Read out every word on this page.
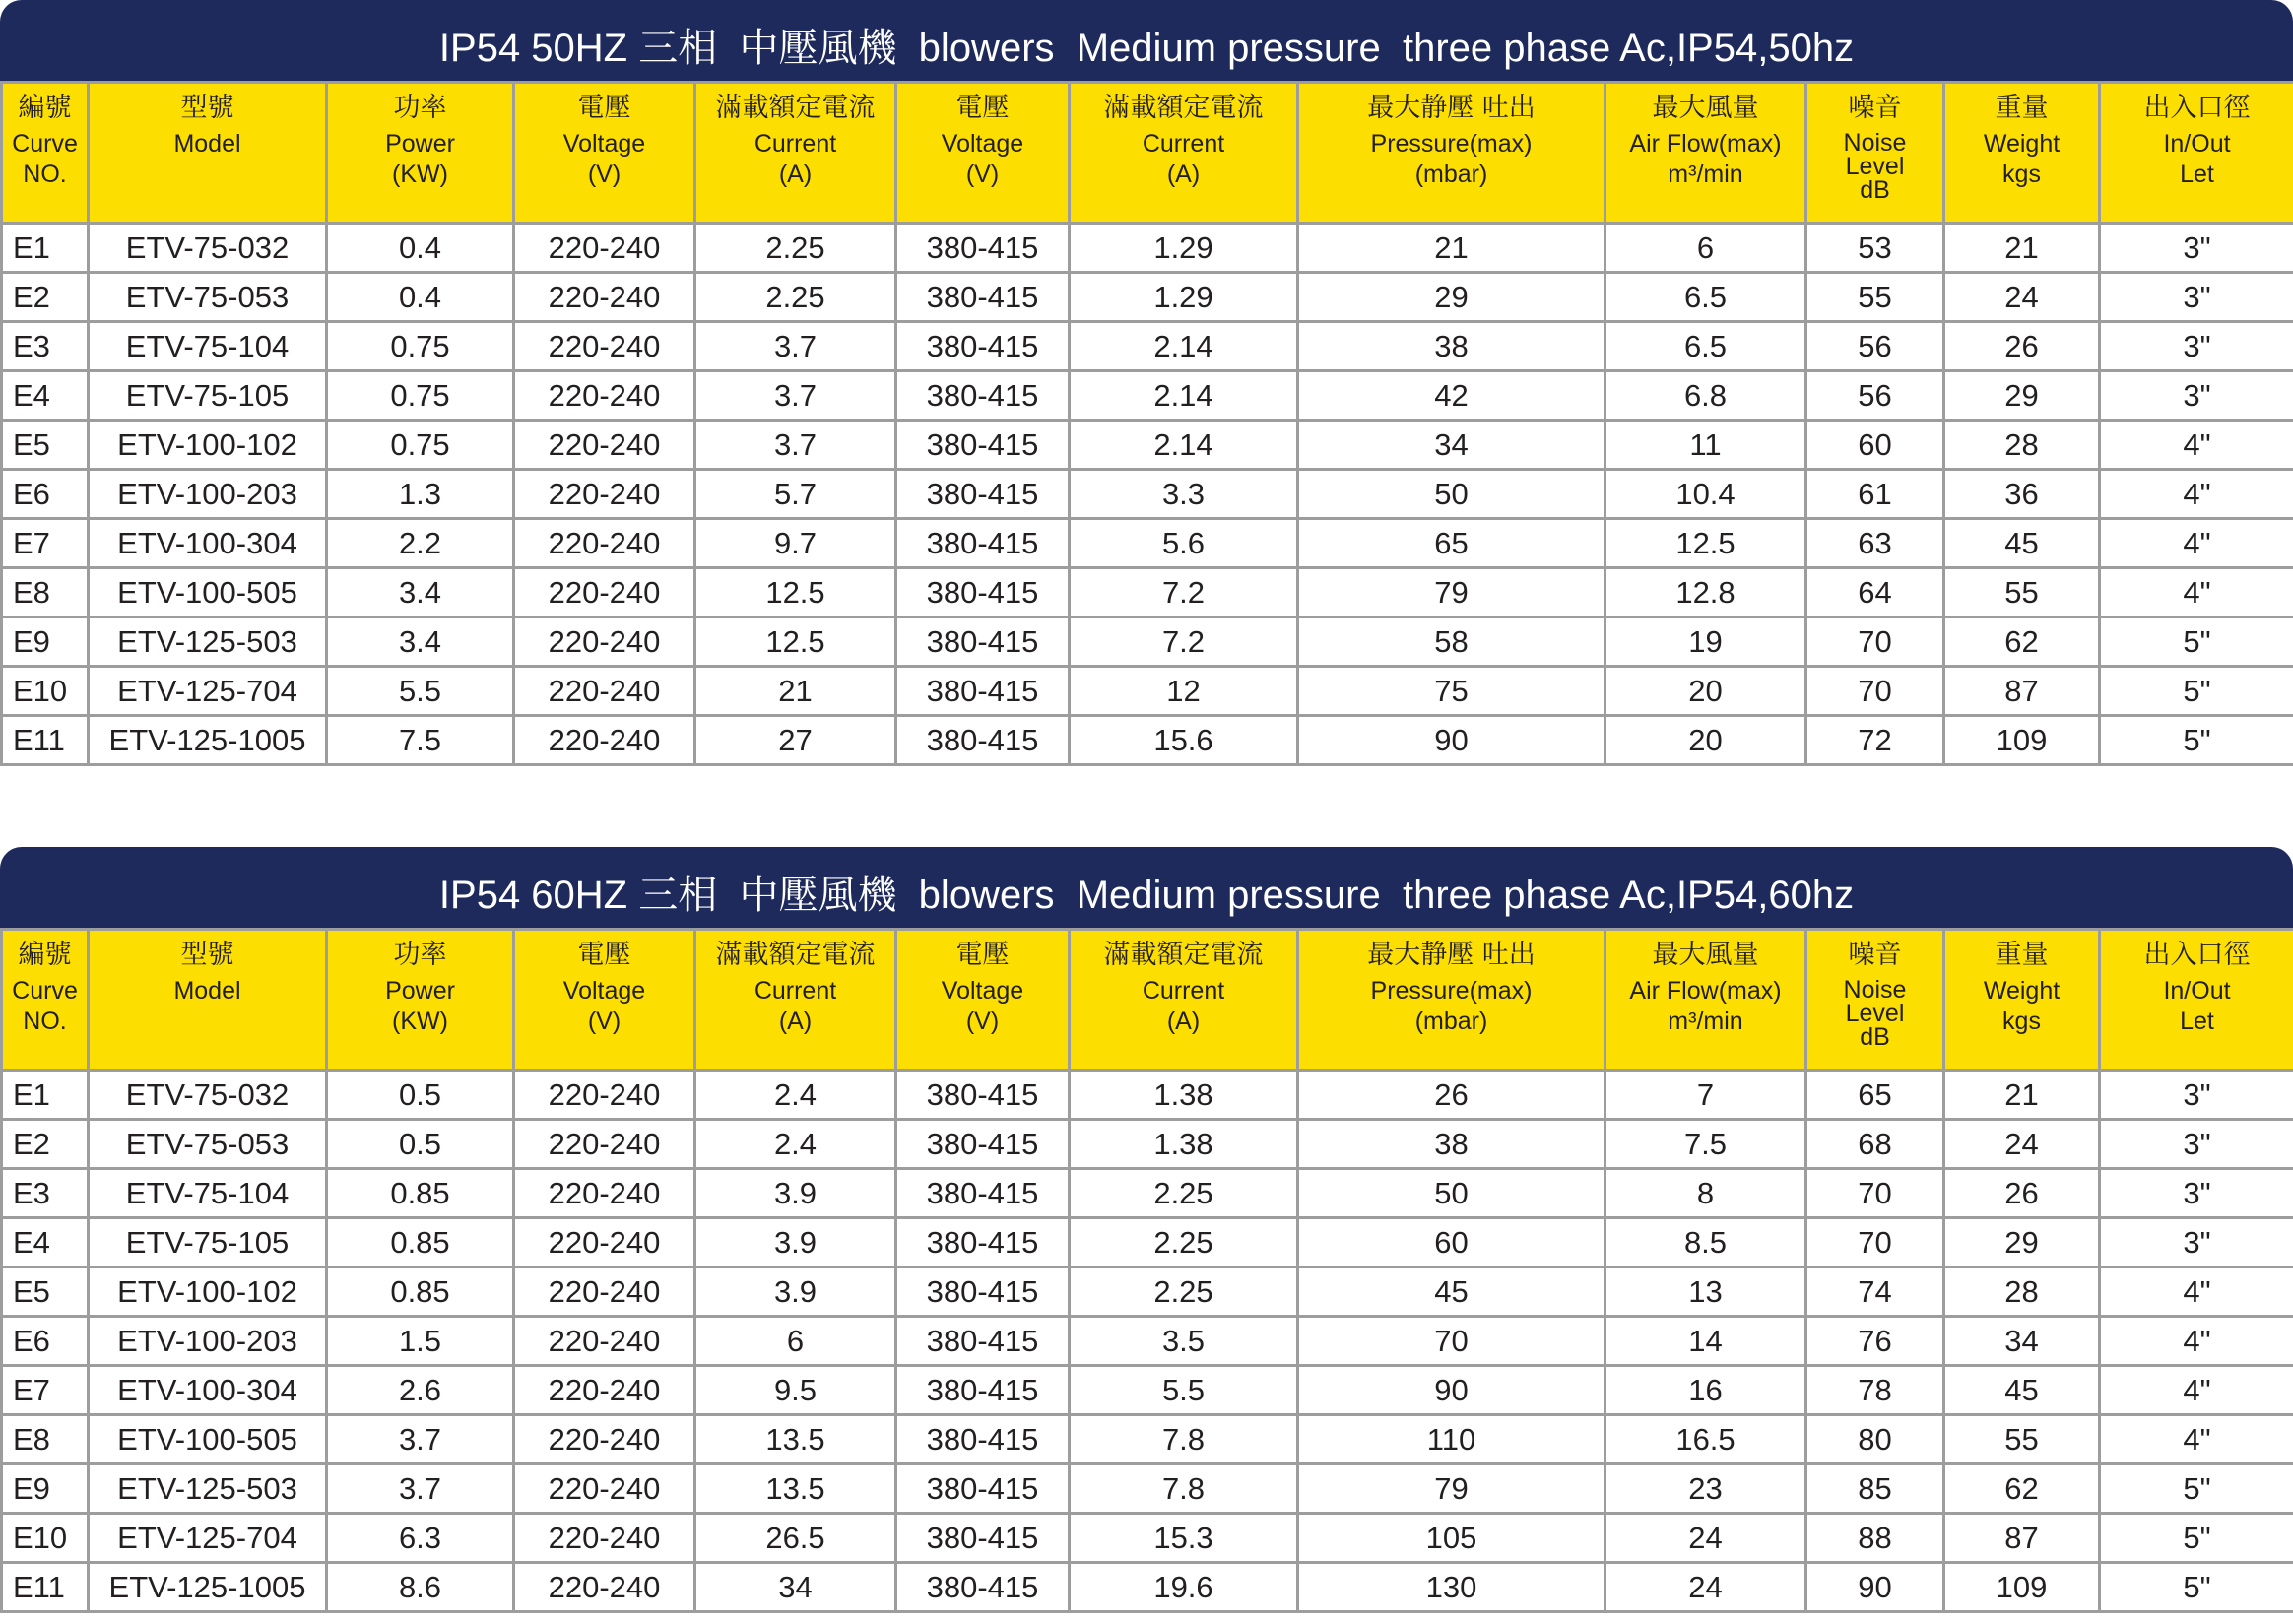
IP54 50HZ 三相  中壓風機  blowers  Medium pressure  three phase Ac,IP54,50hz
編號
Curve
NO.	型號
Model	功率
Power
(KW)	電壓
Voltage
(V)	滿載額定電流
Current
(A)	電壓
Voltage
(V)	滿載額定電流
Current
(A)	最大静壓 吐出
Pressure(max)
(mbar)	最大風量
Air Flow(max)
m³/min	噪音
Noise
Level
dB	重量
Weight
kgs	出入口徑
In/Out
Let

E1	ETV-75-032	0.4	220-240	2.25	380-415	1.29	21	6	53	21	3"
E2	ETV-75-053	0.4	220-240	2.25	380-415	1.29	29	6.5	55	24	3"
E3	ETV-75-104	0.75	220-240	3.7	380-415	2.14	38	6.5	56	26	3"
E4	ETV-75-105	0.75	220-240	3.7	380-415	2.14	42	6.8	56	29	3"
E5	ETV-100-102	0.75	220-240	3.7	380-415	2.14	34	11	60	28	4"
E6	ETV-100-203	1.3	220-240	5.7	380-415	3.3	50	10.4	61	36	4"
E7	ETV-100-304	2.2	220-240	9.7	380-415	5.6	65	12.5	63	45	4"
E8	ETV-100-505	3.4	220-240	12.5	380-415	7.2	79	12.8	64	55	4"
E9	ETV-125-503	3.4	220-240	12.5	380-415	7.2	58	19	70	62	5"
E10	ETV-125-704	5.5	220-240	21	380-415	12	75	20	70	87	5"
E11	ETV-125-1005	7.5	220-240	27	380-415	15.6	90	20	72	109	5"
IP54 60HZ 三相  中壓風機  blowers  Medium pressure  three phase Ac,IP54,60hz
編號
Curve
NO.	型號
Model	功率
Power
(KW)	電壓
Voltage
(V)	滿載額定電流
Current
(A)	電壓
Voltage
(V)	滿載額定電流
Current
(A)	最大静壓 吐出
Pressure(max)
(mbar)	最大風量
Air Flow(max)
m³/min	噪音
Noise
Level
dB	重量
Weight
kgs	出入口徑
In/Out
Let

E1	ETV-75-032	0.5	220-240	2.4	380-415	1.38	26	7	65	21	3"
E2	ETV-75-053	0.5	220-240	2.4	380-415	1.38	38	7.5	68	24	3"
E3	ETV-75-104	0.85	220-240	3.9	380-415	2.25	50	8	70	26	3"
E4	ETV-75-105	0.85	220-240	3.9	380-415	2.25	60	8.5	70	29	3"
E5	ETV-100-102	0.85	220-240	3.9	380-415	2.25	45	13	74	28	4"
E6	ETV-100-203	1.5	220-240	6	380-415	3.5	70	14	76	34	4"
E7	ETV-100-304	2.6	220-240	9.5	380-415	5.5	90	16	78	45	4"
E8	ETV-100-505	3.7	220-240	13.5	380-415	7.8	110	16.5	80	55	4"
E9	ETV-125-503	3.7	220-240	13.5	380-415	7.8	79	23	85	62	5"
E10	ETV-125-704	6.3	220-240	26.5	380-415	15.3	105	24	88	87	5"
E11	ETV-125-1005	8.6	220-240	34	380-415	19.6	130	24	90	109	5"
